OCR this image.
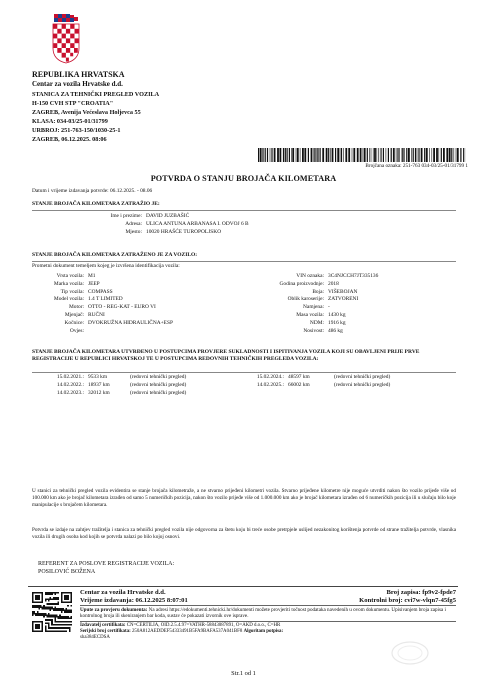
REPUBLIKA HRVATSKA
Centar za vozila Hrvatske d.d.
STANICA ZA TEHNIČKI PREGLED VOZILA
H-150 CVH STP "CROATIA"
ZAGREB, Avenija Većeslava Holjevca 55
KLASA: 034-03/25-01/31799
URBROJ: 251-763-150/1030-25-1
ZAGREB, 06.12.2025. 08:06
Brojčana oznaka: 251-763 034-03/25-01/31799 1
POTVRDA O STANJU BROJAČA KILOMETARA
Datum i vrijeme izdavanja potvrde: 06.12.2025. - 08.06
STANJE BROJAČA KILOMETARA ZATRAŽIO JE:
Ime i prezime: DAVID JUZBAŠIĆ
Adresa: ULICA ANTUNA ARBANASA I. ODVOJ 6 B
Mjesto: 10020 HRAŠĆE TUROPOLJSKO
STANJE BROJAČA KILOMETARA ZATRAŽENO JE ZA VOZILO:
Prometni dokument temeljem kojeg je izvršena identifikacija vozila:
Vrsta vozila: M1
Marka vozila: JEEP
Tip vozila: COMPASS
Model vozila: 1.4 T LIMITED
Motor: OTTO - REG-KAT - EURO VI
Mjenjač: RUČNI
Kočnice: DVOKRUŽNA HIDRAULIČNA+ESP
Ovjes:
VIN oznaka: 3C4NJCCH7JT335136
Godina proizvodnje: 2018
Boja: VIŠEBOJAN
Oblik karoserije: ZATVORENI
Namjena: -
Masa vozila: 1430 kg
NDM: 1916 kg
Nosivost: 486 kg
STANJE BROJAČA KILOMETARA UTVRĐENO U POSTUPCIMA PROVJERE SUKLADNOSTI I ISPITIVANJA VOZILA KOJI SU OBAVLJENI PRIJE PRVE REGISTRACIJE U REPUBLICI HRVATSKOJ TE U POSTUPCIMA REDOVNIH TEHNIČKIH PREGLEDA VOZILA:
15.02.2021.: 9533 km	(redovni tehnički pregled)
14.02.2022.: 18937 km	(redovni tehnički pregled)
14.02.2023.: 32012 km	(redovni tehnički pregled)
15.02.2024.: 48597 km	(redovni tehnički pregled)
14.02.2025.: 66002 km	(redovni tehnički pregled)
U stanici za tehnički pregled vozila evidentira se stanje brojača kilometraže, a ne stvarno prijeđeni kilometri vozila. Stvarno prijeđene kilometre nije moguće utvrditi nakon što vozilo prijeđe više od 100.000 km ako je brojač kilometara izrađen od samo 5 numeričkih pozicija, nakon što vozilo prijeđe više od 1.000.000 km ako je brojač kilometara izrađen od 6 numeričkih pozicija ili u slučaju bilo koje manipulacije s brojačem kilometara.
Potvrda se izdaje na zahtjev tražitelja i stanica za tehnički pregled vozila nije odgovorna za štetu koju bi treće osobe pretrpjele uslijed nezakonitog korištenja potvrde od strane tražitelja potvrde, vlasnika vozila ili drugih osoba kod kojih se potvrda nalazi po bilo kojoj osnovi.
REFERENT ZA POSLOVE REGISTRACIJE VOZILA:
POSILOVIĆ BOŽENA
Centar za vozila Hrvatske d.d.	Broj zapisa: fp9v2-fpde7
Vrijeme izdavanja: 06.12.2025 8:07:01	Kontrolni broj: cvi7w-vlqn7-45fg5
Upute za provjeru dokumenta: Na adresi https://edokumenti.tehnicki.hr/dokumenti možete provjeriti točnost podataka navedenih u ovom dokumentu. Upisivanjem broja zapisa i kontrolnog broja ili skeniranjem bar koda, sustav će pokazati izvornik ove isprave.
Izdavatelj certifikata: CN=CERTILIA, OID.2.5.4.97=VATHR-58843087891, O=AKD d.o.o., C=HR
Serijski broj certifikata: 250A812AEDDEF54333491B5FA9BAFA537A041BF8 Algoritam potpisa:
sha384ECDSA
Str.1 od 1
